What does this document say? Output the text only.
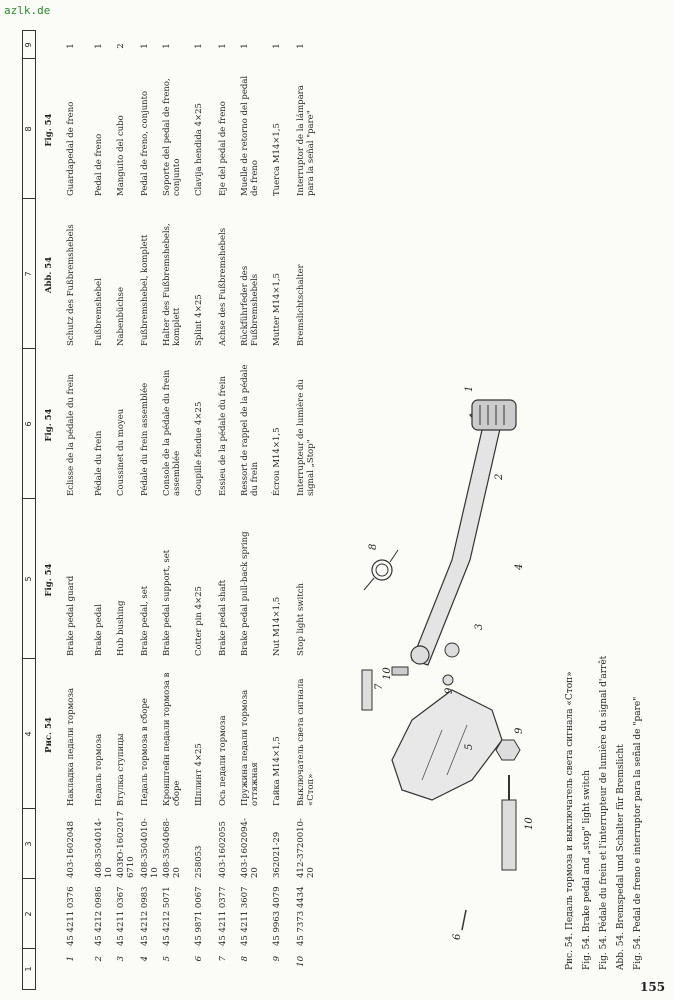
azlk.de
155
1
2
3
4
5
6
7
8
9
Рис. 54
Fig. 54
Fig. 54
Abb. 54
Fig. 54
1
45 4211 0376
403-1602048
Накладка педали тормоза
Brake pedal guard
Eclisse de la pédale du frein
Schutz des Fußbremshebels
Guardapedal de freno
1
2
45 4212 0986
408-3504014-10
Педаль тормоза
Brake pedal
Pédale du frein
Fußbremshebel
Pedal de freno
1
3
45 4211 0367
403Ю-1602017 6710
Втулка ступицы
Hub bushing
Coussinet du moyeu
Nabenbüchse
Manguito del cubo
2
4
45 4212 0983
408-3504010-10
Педаль тормоза в сборе
Brake pedal, set
Pédale du frein assemblée
Fußbremshebel, komplett
Pedal de freno, conjunto
1
5
45 4212 5071
408-3504068-20
Кронштейн педали тормоза в сборе
Brake pedal support, set
Console de la pédale du frein assemblée
Halter des Fußbremshebels, komplett
Soporte del pedal de freno, conjunto
1
6
45 9871 0067
258053
Шплинт 4×25
Cotter pin 4×25
Goupille fendue 4×25
Splint 4×25
Clavija hendida 4×25
1
7
45 4211 0377
403-1602055
Ось педали тормоза
Brake pedal shaft
Essieu de la pédale du frein
Achse des Fußbremshebels
Eje del pedal de freno
1
8
45 4211 3607
403-1602094-20
Пружина педали тормоза оттяжная
Brake pedal pull-back spring
Ressort de rappel de la pédale du frein
Rückführfeder des Fußbremshebels
Muelle de retorno del pedal de freno
1
9
45 9963 4079
362021-29
Гайка М14×1,5
Nut M14×1,5
Écrou M14×1,5
Mutter M14×1,5
Tuerca M14×1,5
1
10
45 7373 4434
412-3720010-20
Выключатель света сигнала «Стоп»
Stop light switch
Interrupteur de lumière du signal „Stop"
Bremslichtschalter
Interruptor de la lámpara para la señal "pare"
1
1
2
3
4
5
6
7
8
9
10
9
10	Рис. 54. Педаль тормоза и выключатель света сигнала «Стоп» Fig. 54. Brake pedal and „stop" light switch Fig. 54. Pédale du frein et l'interrupteur de lumière du signal d'arrêt Abb. 54. Bremspedal und Schalter für Bremslicht Fig. 54. Pedal de freno e interruptor para la señal de "pare"
